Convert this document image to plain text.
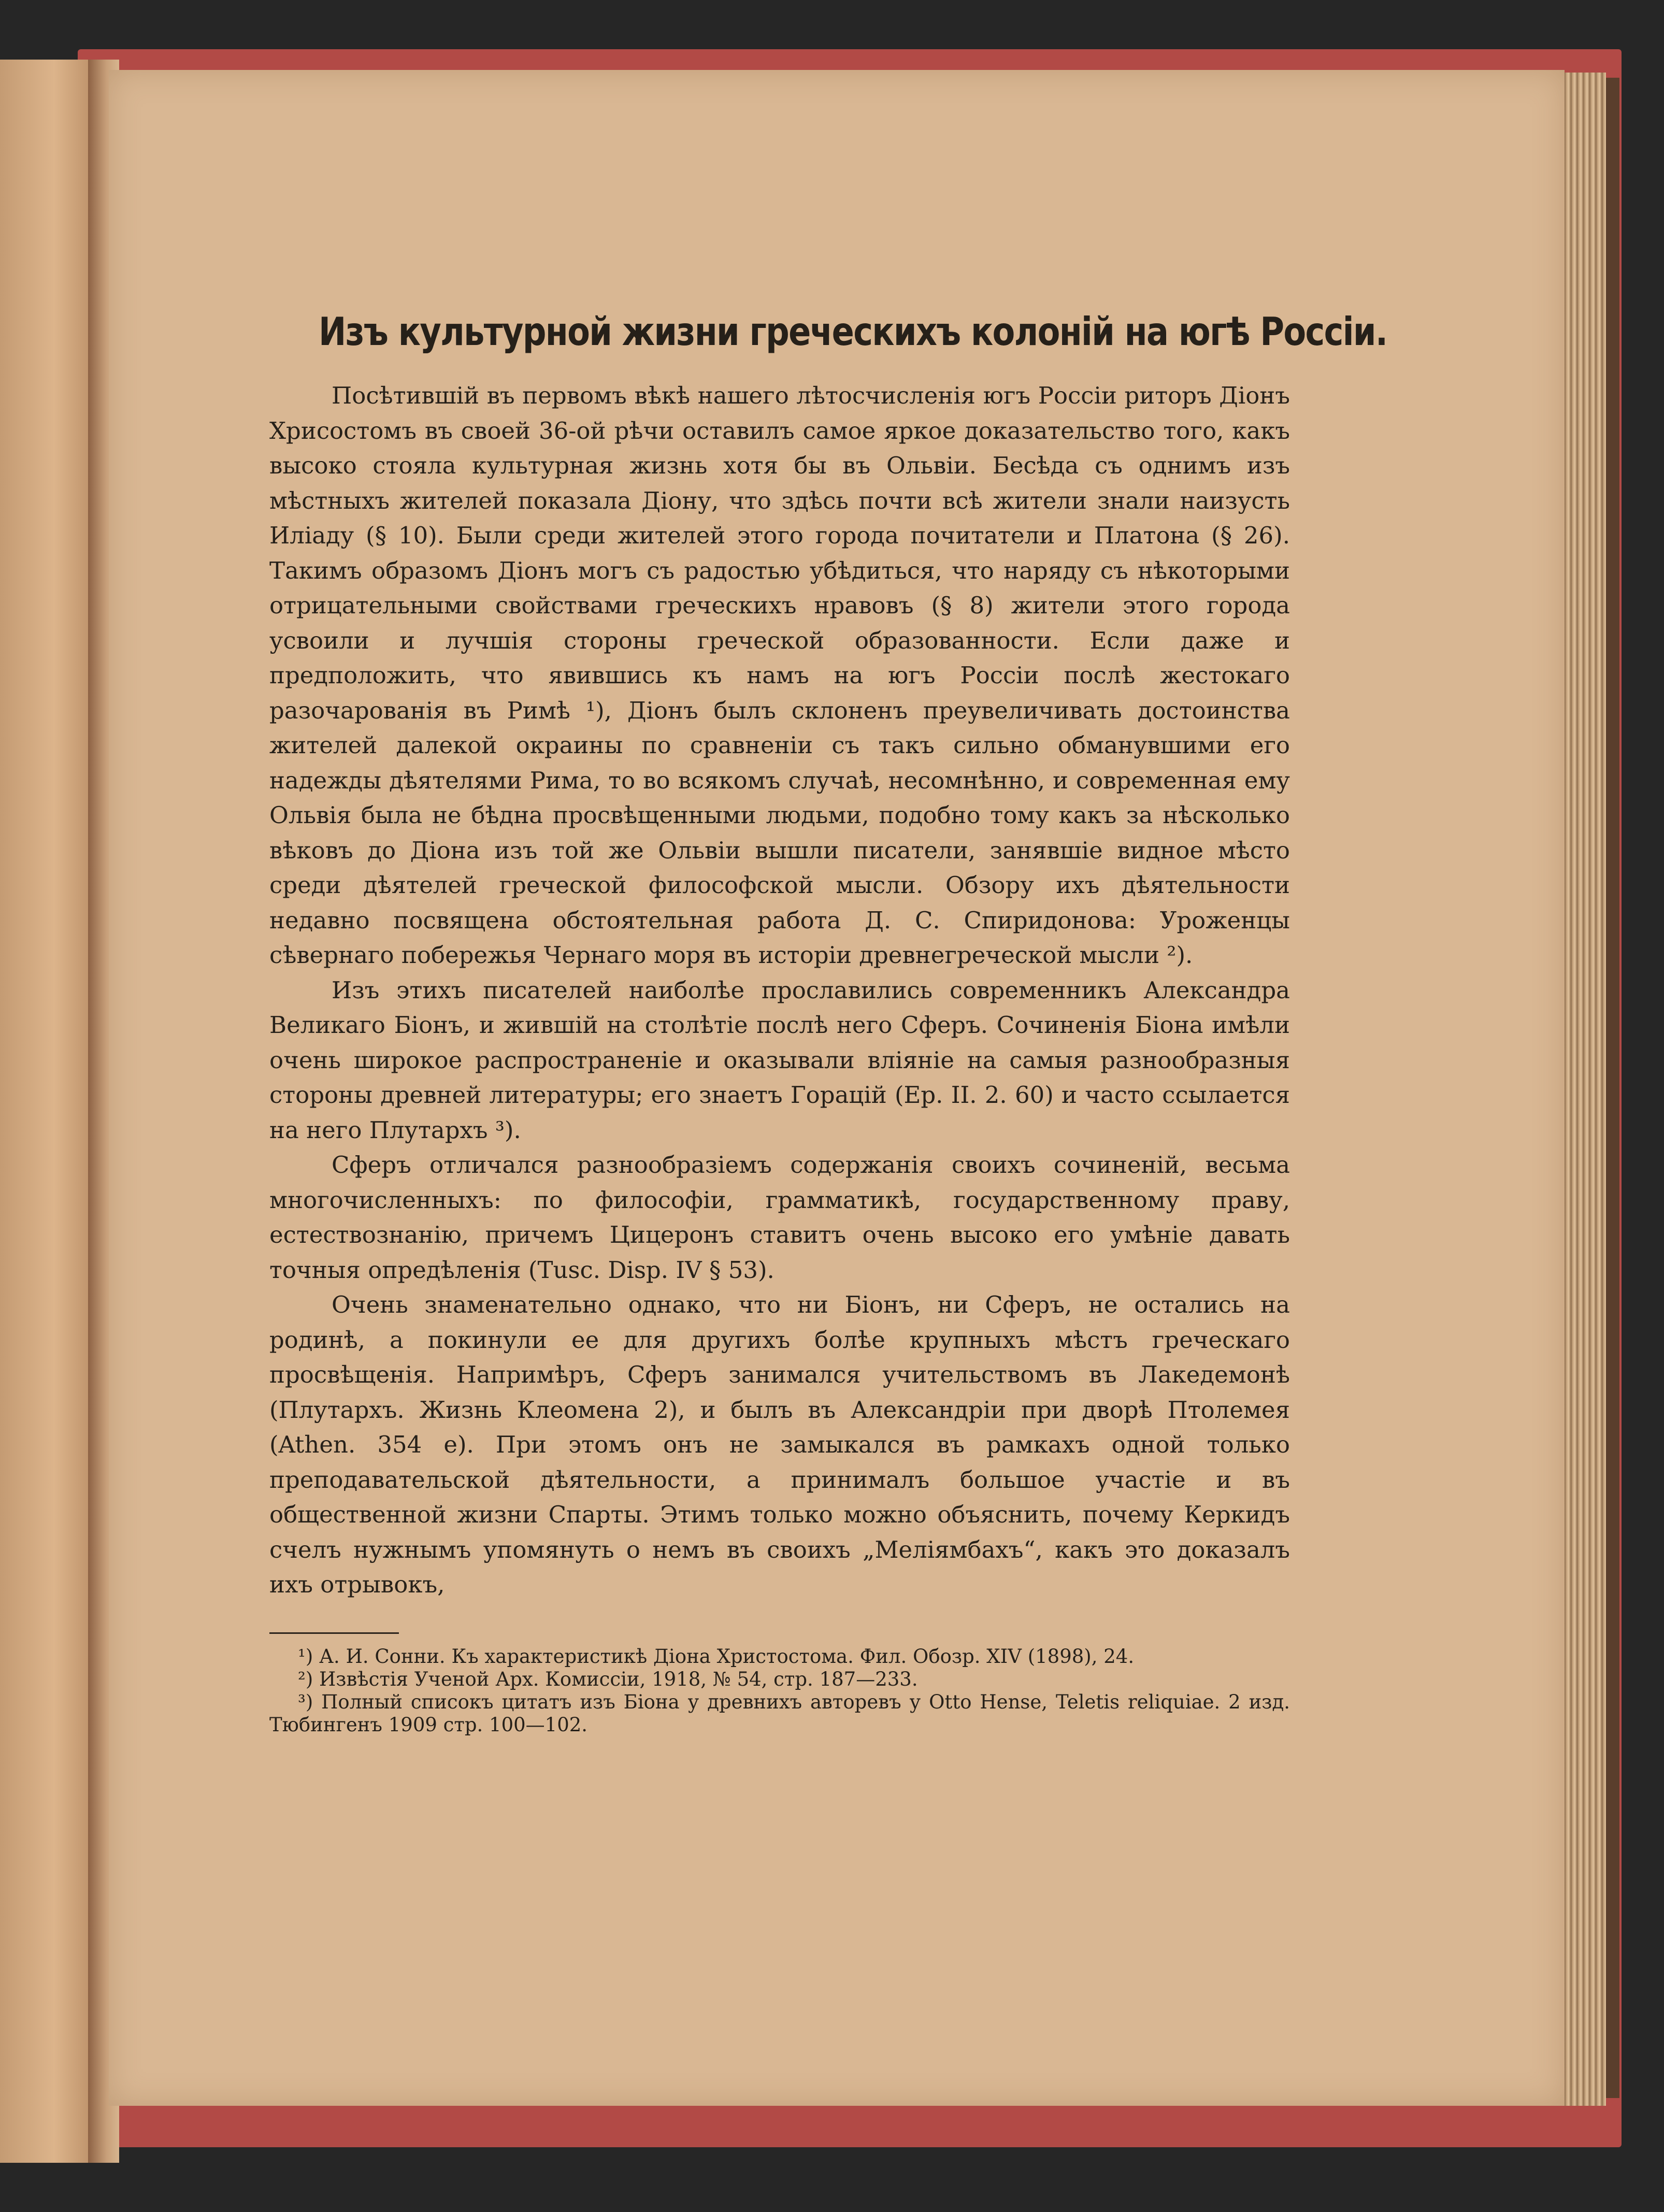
Изъ культурной жизни греческихъ колоній на югѣ Россіи.

Посѣтившій въ первомъ вѣкѣ нашего лѣтосчисленія югъ Россіи риторъ Діонъ Хрисостомъ въ своей 36-ой рѣчи оставилъ самое яркое доказательство того, какъ высоко стояла культурная жизнь хотя бы въ Ольвіи. Бесѣда съ однимъ изъ мѣстныхъ жителей показала Діону, что здѣсь почти всѣ жители знали наизусть Иліаду (§ 10). Были среди жителей этого города почитатели и Платона (§ 26). Такимъ образомъ Діонъ могъ съ радостью убѣдиться, что наряду съ нѣкоторыми отрицательными свойствами греческихъ нравовъ (§ 8) жители этого города усвоили и лучшія стороны греческой образованности. Если даже и предположить, что явившись къ намъ на югъ Россіи послѣ жестокаго разочарованія въ Римѣ ¹), Діонъ былъ склоненъ преувеличивать достоинства жителей далекой окраины по сравненіи съ такъ сильно обманувшими его надежды дѣятелями Рима, то во всякомъ случаѣ, несомнѣнно, и современная ему Ольвія была не бѣдна просвѣщенными людьми, подобно тому какъ за нѣсколько вѣковъ до Діона изъ той же Ольвіи вышли писатели, занявшіе видное мѣсто среди дѣятелей греческой философской мысли. Обзору ихъ дѣятельности недавно посвящена обстоятельная работа Д. С. Спиридонова: Уроженцы сѣвернаго побережья Чернаго моря въ исторіи древнегреческой мысли ²).

Изъ этихъ писателей наиболѣе прославились современникъ Александра Великаго Біонъ, и жившій на столѣтіе послѣ него Сферъ. Сочиненія Біона имѣли очень широкое распространеніе и оказывали вліяніе на самыя разнообразныя стороны древней литературы; его знаетъ Горацій (Ep. II. 2. 60) и часто ссылается на него Плутархъ ³).

Сферъ отличался разнообразіемъ содержанія своихъ сочиненій, весьма многочисленныхъ: по философіи, грамматикѣ, государственному праву, естествознанію, причемъ Цицеронъ ставитъ очень высоко его умѣніе давать точныя опредѣленія (Tusc. Disp. IV § 53).

Очень знаменательно однако, что ни Біонъ, ни Сферъ, не остались на родинѣ, а покинули ее для другихъ болѣе крупныхъ мѣстъ греческаго просвѣщенія. Напримѣръ, Сферъ занимался учительствомъ въ Лакедемонѣ (Плутархъ. Жизнь Клеомена 2), и былъ въ Александріи при дворѣ Птолемея (Athen. 354 e). При этомъ онъ не замыкался въ рамкахъ одной только преподавательской дѣятельности, а принималъ большое участіе и въ общественной жизни Спарты. Этимъ только можно объяснить, почему Керкидъ счелъ нужнымъ упомянуть о немъ въ своихъ „Меліямбахъ“, какъ это доказалъ ихъ отрывокъ,

¹) А. И. Сонни. Къ характеристикѣ Діона Христостома. Фил. Обозр. XIV (1898), 24.

²) Извѣстія Ученой Арх. Комиссіи, 1918, № 54, стр. 187—233.

³) Полный списокъ цитатъ изъ Біона у древнихъ авторевъ у Otto Hense, Teletis reliquiae. 2 изд. Тюбингенъ 1909 стр. 100—102.
